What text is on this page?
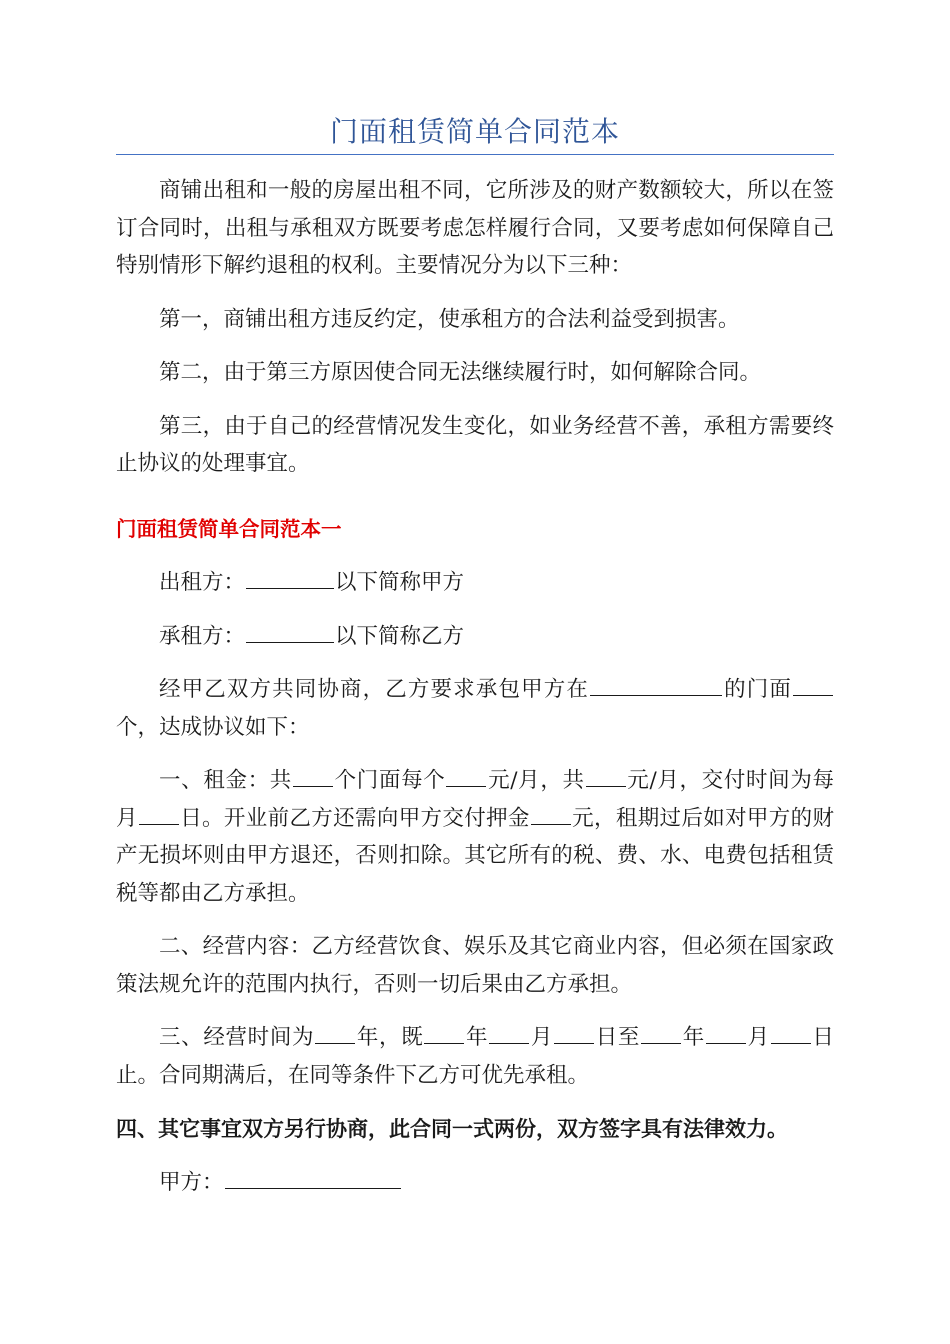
门面租赁简单合同范本

商铺出租和一般的房屋出租不同，它所涉及的财产数额较大，所以在签订合同时，出租与承租双方既要考虑怎样履行合同，又要考虑如何保障自己特别情形下解约退租的权利。主要情况分为以下三种：

第一，商铺出租方违反约定，使承租方的合法利益受到损害。

第二，由于第三方原因使合同无法继续履行时，如何解除合同。

第三，由于自己的经营情况发生变化，如业务经营不善，承租方需要终止协议的处理事宜。

门面租赁简单合同范本一

出租方：	以下简称甲方

承租方：	以下简称乙方

经甲乙双方共同协商，乙方要求承包甲方在	的门面个，达成协议如下：

一、租金：共 个门面每个 元/月，共 元/月，交付时间为每月 日。开业前乙方还需向甲方交付押金 元，租期过后如对甲方的财产无损坏则由甲方退还，否则扣除。其它所有的税、费、水、电费包括租赁税等都由乙方承担。

二、经营内容：乙方经营饮食、娱乐及其它商业内容，但必须在国家政策法规允许的范围内执行，否则一切后果由乙方承担。

三、经营时间为 年，既 年 月 日至 年 月 日止。合同期满后，在同等条件下乙方可优先承租。

四、其它事宜双方另行协商，此合同一式两份，双方签字具有法律效力。

甲方：
